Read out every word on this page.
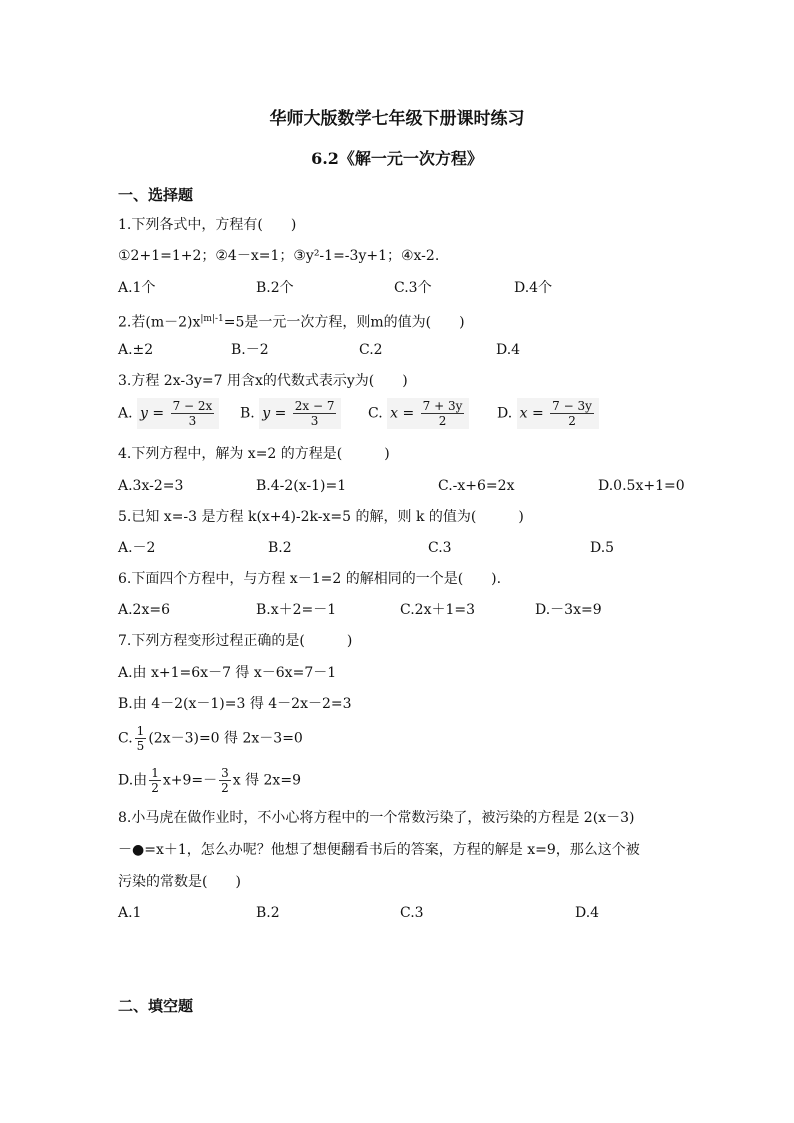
华师大版数学七年级下册课时练习
6.2《解一元一次方程》
一、选择题
1.下列各式中，方程有(　　)
①2+1=1+2；②4－x=1；③y²-1=-3y+1；④x-2.
A.1个	B.2个	C.3个	D.4个
2.若$(m-2)x^{|m|-1}=5$是一元一次方程，则m的值为(　　)
A.±2	B.－2	C.2	D.4
3.方程 2x-3y=7 用含x的代数式表示y为(　　)
A. $y = \frac{7 - 2x}{3} B$. $y = \frac{2x - 7}{3} C$. $x = \frac{7 + 3y}{2} D$. $x = \frac{7 - 3y}{2}$
4.下列方程中，解为 x=2 的方程是(　　　)
A.3x-2=3	B.4-2(x-1)=1	C.-x+6=2x	D.0.5x+1=0
5.已知 x=-3 是方程 k(x+4)-2k-x=5 的解，则 k 的值为(　　　)
A.－2	B.2	C.3	D.5
6.下面四个方程中，与方程 x－1=2 的解相同的一个是(　　).
A.2x=6	B.x＋2=－1	C.2x＋1=3	D.－3x=9
7.下列方程变形过程正确的是(　　　)
A.由 x+1=6x－7 得 x－6x=7－1
B.由 4－2(x－1)=3 得 4－2x－2=3
C. $\frac{1}{5} (2x-3)=0$ 得 2x－3=0
D.由 $\frac{1}{2} x+9=- \frac{3}{2}$ x 得 2x=9
8.小马虎在做作业时，不小心将方程中的一个常数污染了，被污染的方程是 2(x－3)
－●=x＋1，怎么办呢？他想了想便翻看书后的答案，方程的解是 x=9，那么这个被
污染的常数是(　　)
A.1	B.2	C.3	D.4
二、填空题
